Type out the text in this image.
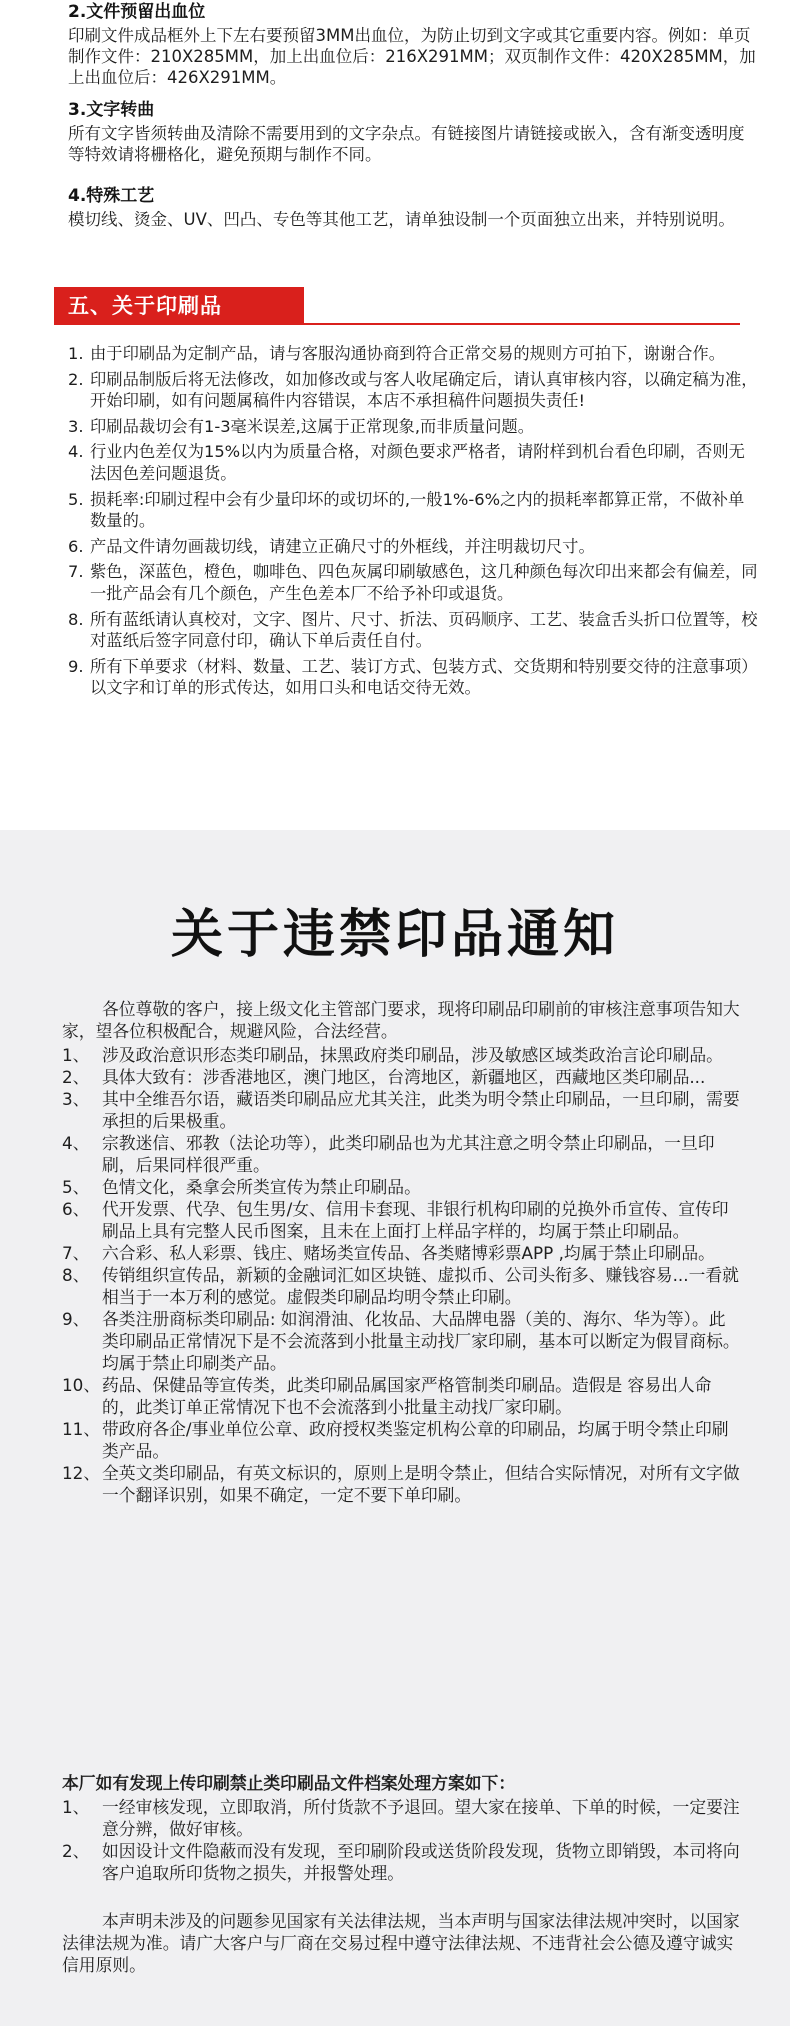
2.文件预留出血位

印刷文件成品框外上下左右要预留3MM出血位，为防止切到文字或其它重要内容。例如：单页制作文件：210X285MM，加上出血位后：216X291MM；双页制作文件：420X285MM，加上出血位后：426X291MM。

3.文字转曲

所有文字皆须转曲及清除不需要用到的文字杂点。有链接图片请链接或嵌入，含有渐变透明度等特效请将栅格化，避免预期与制作不同。

4.特殊工艺

模切线、烫金、UV、凹凸、专色等其他工艺，请单独设制一个页面独立出来，并特别说明。

五、关于印刷品
1. 由于印刷品为定制产品，请与客服沟通协商到符合正常交易的规则方可拍下，谢谢合作。
2. 印刷品制版后将无法修改，如加修改或与客人收尾确定后，请认真审核内容，以确定稿为准，开始印刷，如有问题属稿件内容错误，本店不承担稿件问题损失责任!
3. 印刷品裁切会有1-3毫米误差,这属于正常现象,而非质量问题。
4. 行业内色差仅为15%以内为质量合格，对颜色要求严格者，请附样到机台看色印刷，否则无法因色差问题退货。
5. 损耗率:印刷过程中会有少量印坏的或切坏的,一般1%-6%之内的损耗率都算正常，不做补单数量的。
6. 产品文件请勿画裁切线，请建立正确尺寸的外框线，并注明裁切尺寸。
7. 紫色，深蓝色，橙色，咖啡色、四色灰属印刷敏感色，这几种颜色每次印出来都会有偏差，同一批产品会有几个颜色，产生色差本厂不给予补印或退货。
8. 所有蓝纸请认真校对，文字、图片、尺寸、折法、页码顺序、工艺、装盒舌头折口位置等，校对蓝纸后签字同意付印，确认下单后责任自付。
9. 所有下单要求（材料、数量、工艺、装订方式、包装方式、交货期和特别要交待的注意事项）以文字和订单的形式传达，如用口头和电话交待无效。
关于违禁印品通知

各位尊敬的客户，接上级文化主管部门要求，现将印刷品印刷前的审核注意事项告知大家，望各位积极配合，规避风险，合法经营。

1、 涉及政治意识形态类印刷品，抹黑政府类印刷品，涉及敏感区域类政治言论印刷品。
2、 具体大致有：涉香港地区，澳门地区，台湾地区，新疆地区，西藏地区类印刷品...
3、 其中全维吾尔语，藏语类印刷品应尤其关注，此类为明令禁止印刷品，一旦印刷，需要承担的后果极重。
4、 宗教迷信、邪教（法论功等），此类印刷品也为尤其注意之明令禁止印刷品，一旦印刷，后果同样很严重。
5、 色情文化，桑拿会所类宣传为禁止印刷品。
6、 代开发票、代孕、包生男/女、信用卡套现、非银行机构印刷的兑换外币宣传、宣传印刷品上具有完整人民币图案，且未在上面打上样品字样的，均属于禁止印刷品。
7、 六合彩、私人彩票、钱庄、赌场类宣传品、各类赌博彩票APP ,均属于禁止印刷品。
8、 传销组织宣传品，新颖的金融词汇如区块链、虚拟币、公司头衔多、赚钱容易...一看就相当于一本万利的感觉。虚假类印刷品均明令禁止印刷。
9、 各类注册商标类印刷品: 如润滑油、化妆品、大品牌电器（美的、海尔、华为等）。此类印刷品正常情况下是不会流落到小批量主动找厂家印刷，基本可以断定为假冒商标。均属于禁止印刷类产品。
10、 药品、保健品等宣传类，此类印刷品属国家严格管制类印刷品。造假是 容易出人命的，此类订单正常情况下也不会流落到小批量主动找厂家印刷。
11、 带政府各企/事业单位公章、政府授权类鉴定机构公章的印刷品，均属于明令禁止印刷类产品。
12、 全英文类印刷品，有英文标识的，原则上是明令禁止，但结合实际情况，对所有文字做一个翻译识别，如果不确定，一定不要下单印刷。

本厂如有发现上传印刷禁止类印刷品文件档案处理方案如下：

1、 一经审核发现，立即取消，所付货款不予退回。望大家在接单、下单的时候，一定要注意分辨，做好审核。
2、 如因设计文件隐蔽而没有发现，至印刷阶段或送货阶段发现，货物立即销毁，本司将向客户追取所印货物之损失，并报警处理。

本声明未涉及的问题参见国家有关法律法规，当本声明与国家法律法规冲突时，以国家法律法规为准。请广大客户与厂商在交易过程中遵守法律法规、不违背社会公德及遵守诚实信用原则。
